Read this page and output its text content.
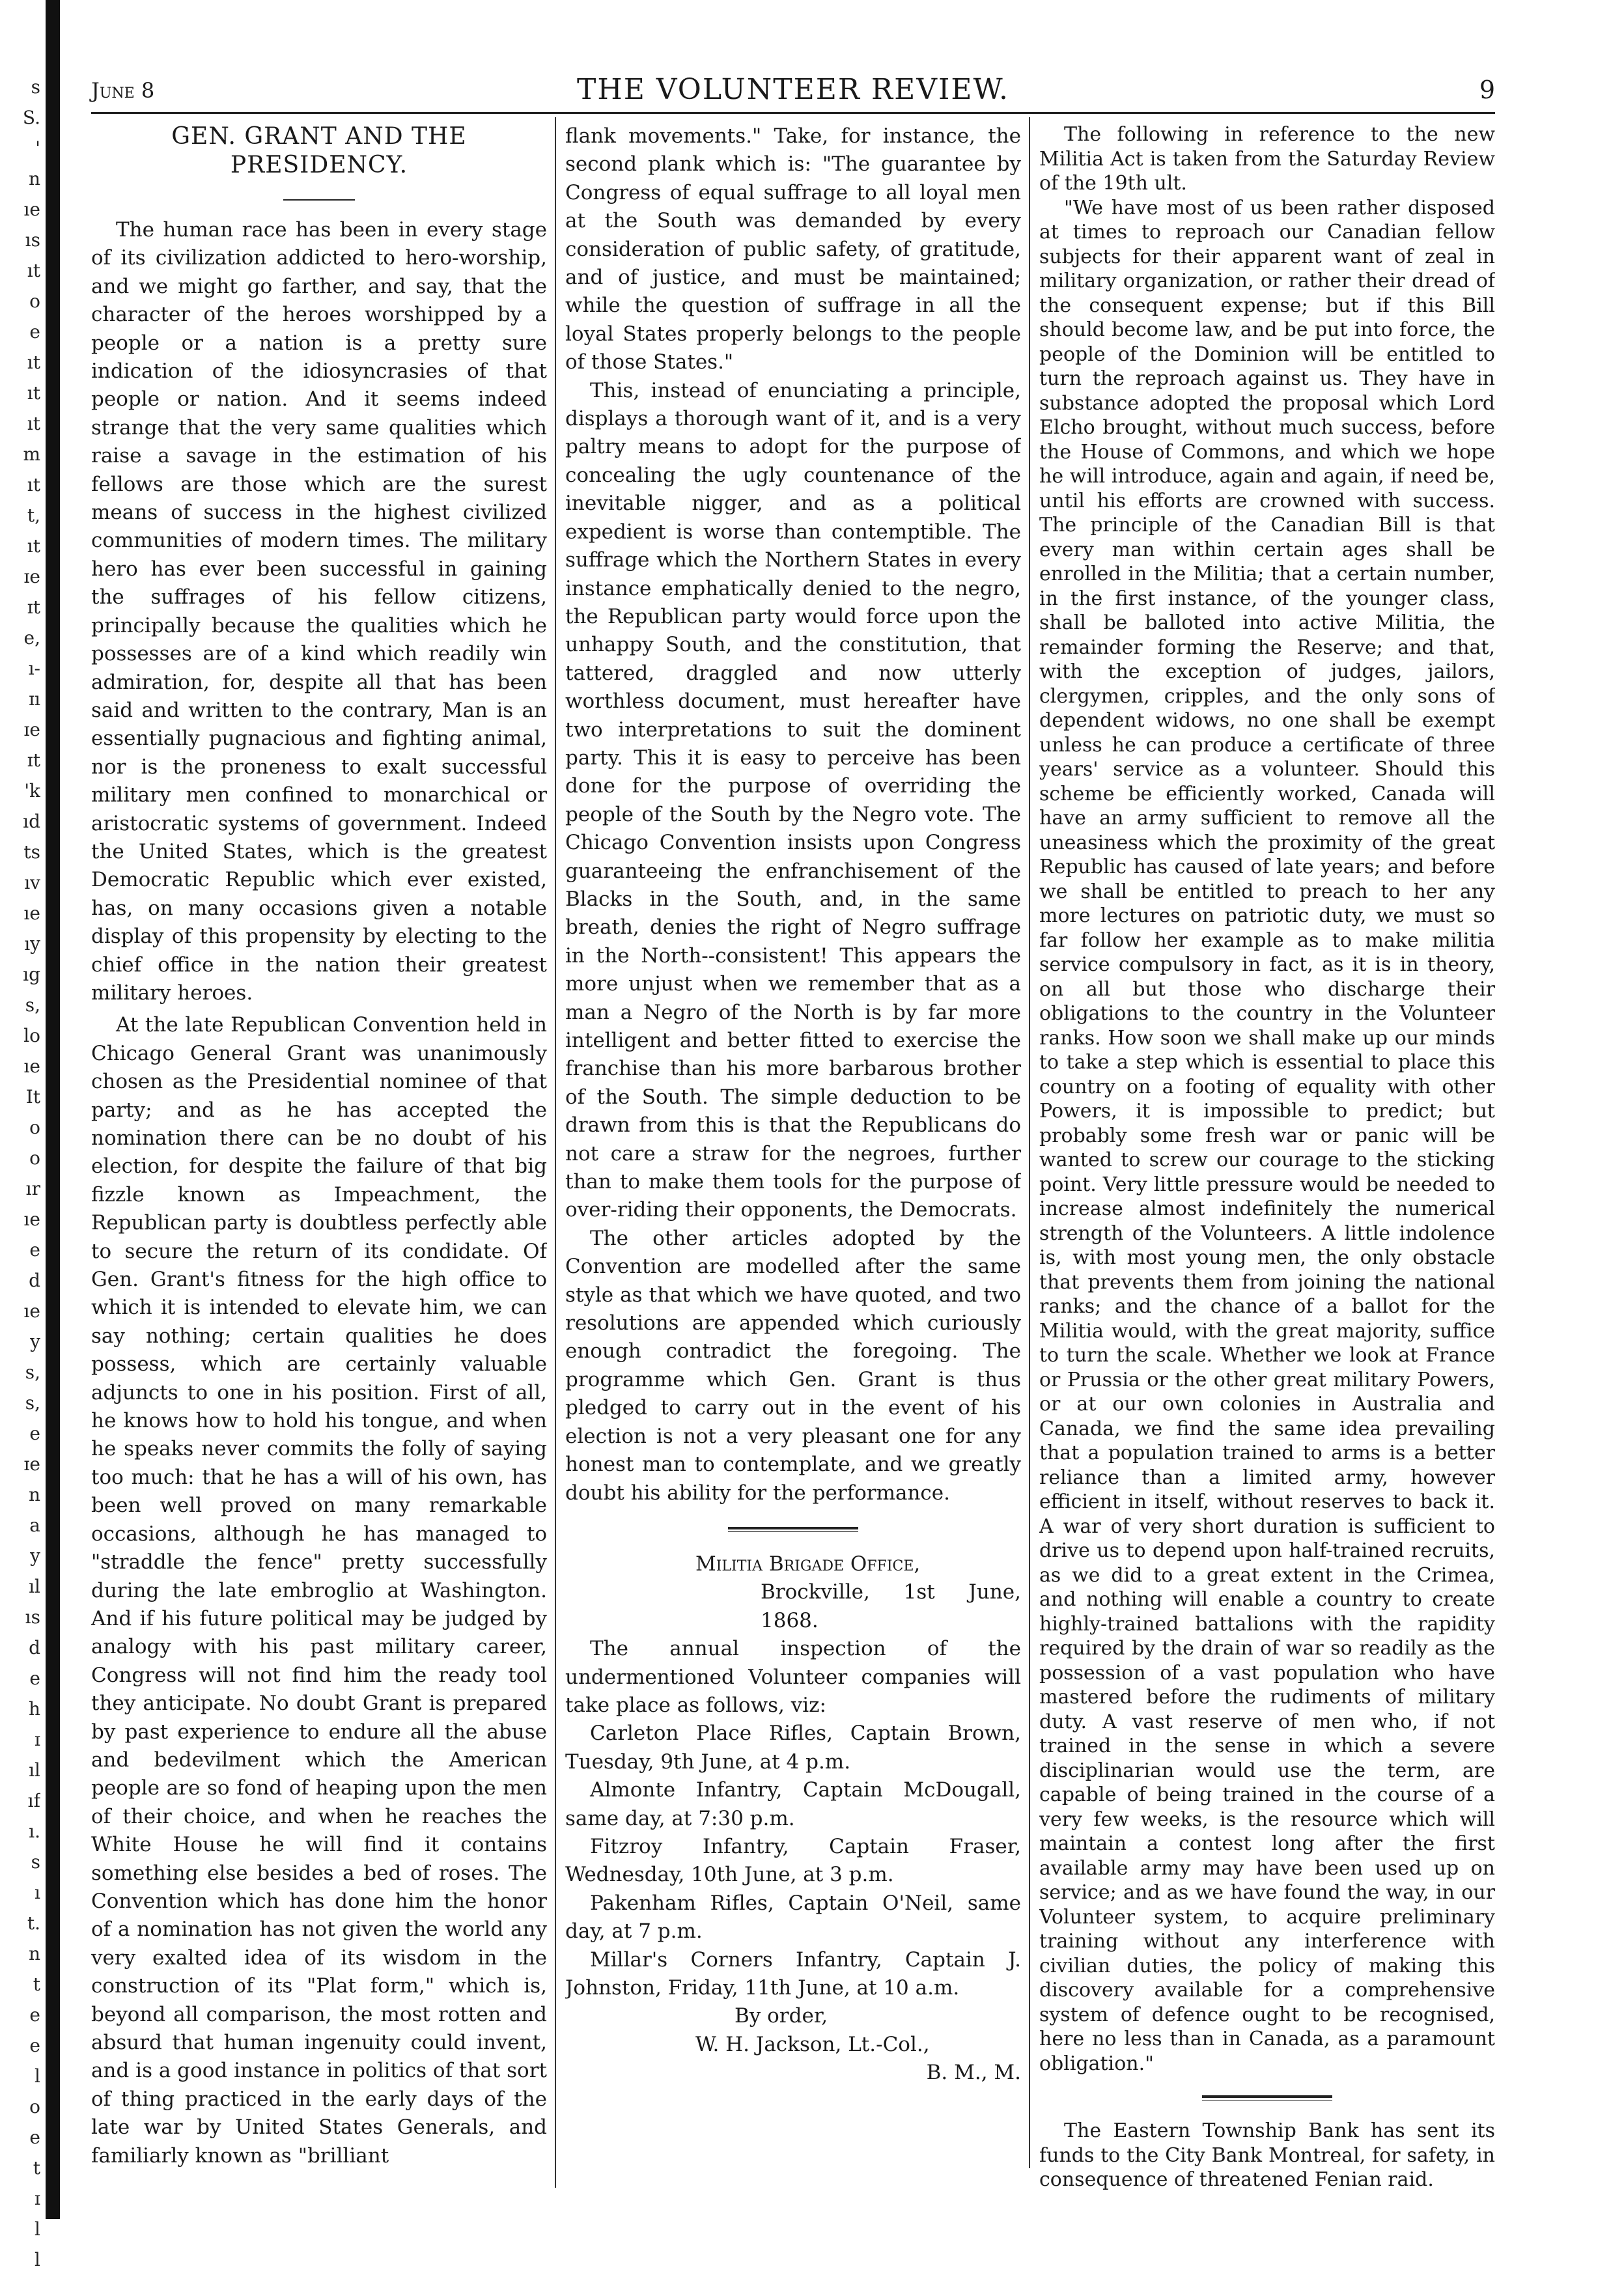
s
S.
'
n
ıe
ıs
ıt
o
e
ıt
ıt
ıt
m
ıt
t,
ıt
ɪe
ɪt
e,
ı-
ɪı
ɪe
ɪt
'k
ıd
ts
ıv
ıe
ıy
ıg
s,
lo
ıe
It
o
o
ır
ıe
e
d
ıe
y
s,
s,
e
ɪe
n
a
y
ıl
ıs
d
e
h
ɪ
ıl
ıf
ı.
s
ı
t.
n
t
e
e
l
o
e
t
ɪ
l
l
June 8	THE VOLUNTEER REVIEW.	9
GEN. GRANT AND THE PRESIDENCY.

The human race has been in every stage of its civilization addicted to hero-worship, and we might go farther, and say, that the character of the heroes worshipped by a people or a nation is a pretty sure indication of the idiosyncrasies of that people or nation. And it seems indeed strange that the very same qualities which raise a savage in the estimation of his fellows are those which are the surest means of success in the highest civilized communities of modern times. The military hero has ever been successful in gaining the suffrages of his fellow citizens, principally because the qualities which he possesses are of a kind which readily win admiration, for, despite all that has been said and written to the contrary, Man is an essentially pugnacious and fighting animal, nor is the proneness to exalt successful military men confined to monarchical or aristocratic systems of government. Indeed the United States, which is the greatest Democratic Republic which ever existed, has, on many occasions given a notable display of this propensity by electing to the chief office in the nation their greatest military heroes.

At the late Republican Convention held in Chicago General Grant was unanimously chosen as the Presidential nominee of that party; and as he has accepted the nomination there can be no doubt of his election, for despite the failure of that big fizzle known as Impeachment, the Republican party is doubtless perfectly able to secure the return of its condidate. Of Gen. Grant's fitness for the high office to which it is intended to elevate him, we can say nothing; certain qualities he does possess, which are certainly valuable adjuncts to one in his position. First of all, he knows how to hold his tongue, and when he speaks never commits the folly of saying too much: that he has a will of his own, has been well proved on many remarkable occasions, although he has managed to "straddle the fence" pretty successfully during the late embroglio at Washington. And if his future political may be judged by analogy with his past military career, Congress will not find him the ready tool they anticipate. No doubt Grant is prepared by past experience to endure all the abuse and bedevilment which the American people are so fond of heaping upon the men of their choice, and when he reaches the White House he will find it contains something else besides a bed of roses. The Convention which has done him the honor of a nomination has not given the world any very exalted idea of its wisdom in the construction of its "Plat form," which is, beyond all comparison, the most rotten and absurd that human ingenuity could invent, and is a good instance in politics of that sort of thing practiced in the early days of the late war by United States Generals, and familiarly known as "brilliant

flank movements." Take, for instance, the second plank which is: "The guarantee by Congress of equal suffrage to all loyal men at the South was demanded by every consideration of public safety, of gratitude, and of justice, and must be maintained; while the question of suffrage in all the loyal States properly belongs to the people of those States."

This, instead of enunciating a principle, displays a thorough want of it, and is a very paltry means to adopt for the purpose of concealing the ugly countenance of the inevitable nigger, and as a political expedient is worse than contemptible. The suffrage which the Northern States in every instance emphatically denied to the negro, the Republican party would force upon the unhappy South, and the constitution, that tattered, draggled and now utterly worthless document, must hereafter have two interpretations to suit the dominent party. This it is easy to perceive has been done for the purpose of overriding the people of the South by the Negro vote. The Chicago Convention insists upon Congress guaranteeing the enfranchisement of the Blacks in the South, and, in the same breath, denies the right of Negro suffrage in the North--consistent! This appears the more unjust when we remember that as a man a Negro of the North is by far more intelligent and better fitted to exercise the franchise than his more barbarous brother of the South. The simple deduction to be drawn from this is that the Republicans do not care a straw for the negroes, further than to make them tools for the purpose of over-riding their opponents, the Democrats.

The other articles adopted by the Convention are modelled after the same style as that which we have quoted, and two resolutions are appended which curiously enough contradict the foregoing. The programme which Gen. Grant is thus pledged to carry out in the event of his election is not a very pleasant one for any honest man to contemplate, and we greatly doubt his ability for the performance.

Militia Brigade Office,

Brockville, 1st June, 1868.

The annual inspection of the undermentioned Volunteer companies will take place as follows, viz:

Carleton Place Rifles, Captain Brown, Tuesday, 9th June, at 4 p.m.

Almonte Infantry, Captain McDougall, same day, at 7:30 p.m.

Fitzroy Infantry, Captain Fraser, Wednesday, 10th June, at 3 p.m.

Pakenham Rifles, Captain O'Neil, same day, at 7 p.m.

Millar's Corners Infantry, Captain J. Johnston, Friday, 11th June, at 10 a.m.

By order,

W. H. Jackson, Lt.-Col.,

B. M., M.

The following in reference to the new Militia Act is taken from the Saturday Review of the 19th ult.

"We have most of us been rather disposed at times to reproach our Canadian fellow subjects for their apparent want of zeal in military organization, or rather their dread of the consequent expense; but if this Bill should become law, and be put into force, the people of the Dominion will be entitled to turn the reproach against us. They have in substance adopted the proposal which Lord Elcho brought, without much success, before the House of Commons, and which we hope he will introduce, again and again, if need be, until his efforts are crowned with success. The principle of the Canadian Bill is that every man within certain ages shall be enrolled in the Militia; that a certain number, in the first instance, of the younger class, shall be balloted into active Militia, the remainder forming the Reserve; and that, with the exception of judges, jailors, clergymen, cripples, and the only sons of dependent widows, no one shall be exempt unless he can produce a certificate of three years' service as a volunteer. Should this scheme be efficiently worked, Canada will have an army sufficient to remove all the uneasiness which the proximity of the great Republic has caused of late years; and before we shall be entitled to preach to her any more lectures on patriotic duty, we must so far follow her example as to make militia service compulsory in fact, as it is in theory, on all but those who discharge their obligations to the country in the Volunteer ranks. How soon we shall make up our minds to take a step which is essential to place this country on a footing of equality with other Powers, it is impossible to predict; but probably some fresh war or panic will be wanted to screw our courage to the sticking point. Very little pressure would be needed to increase almost indefinitely the numerical strength of the Volunteers. A little indolence is, with most young men, the only obstacle that prevents them from joining the national ranks; and the chance of a ballot for the Militia would, with the great majority, suffice to turn the scale. Whether we look at France or Prussia or the other great military Powers, or at our own colonies in Australia and Canada, we find the same idea prevailing that a population trained to arms is a better reliance than a limited army, however efficient in itself, without reserves to back it. A war of very short duration is sufficient to drive us to depend upon half-trained recruits, as we did to a great extent in the Crimea, and nothing will enable a country to create highly-trained battalions with the rapidity required by the drain of war so readily as the possession of a vast population who have mastered before the rudiments of military duty. A vast reserve of men who, if not trained in the sense in which a severe disciplinarian would use the term, are capable of being trained in the course of a very few weeks, is the resource which will maintain a contest long after the first available army may have been used up on service; and as we have found the way, in our Volunteer system, to acquire preliminary training without any interference with civilian duties, the policy of making this discovery available for a comprehensive system of defence ought to be recognised, here no less than in Canada, as a paramount obligation."

The Eastern Township Bank has sent its funds to the City Bank Montreal, for safety, in consequence of threatened Fenian raid.
